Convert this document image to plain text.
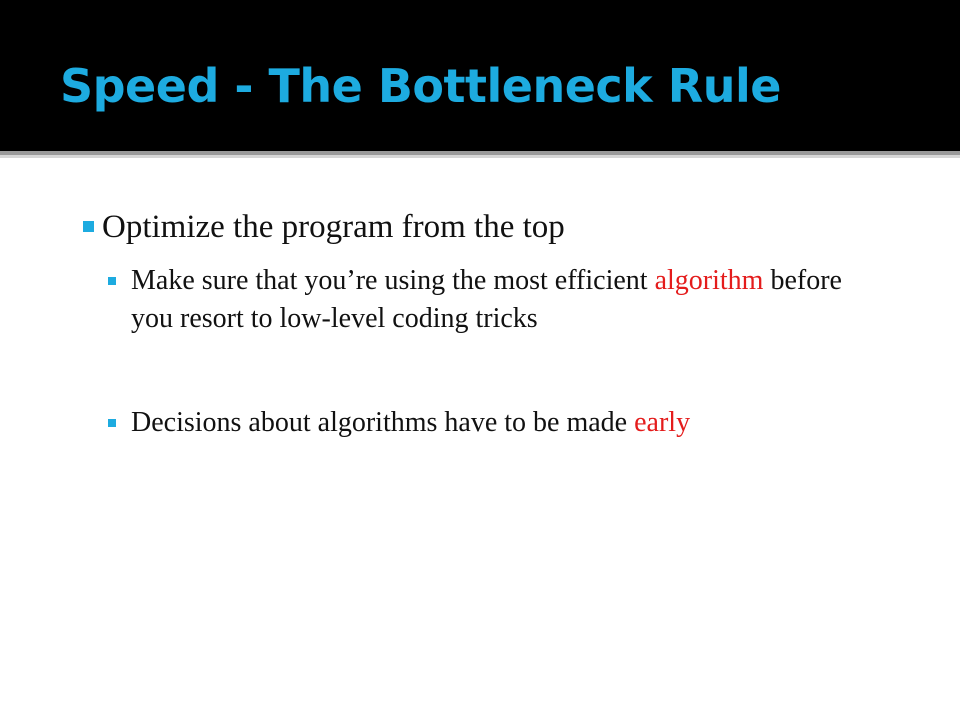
Speed - The Bottleneck Rule
Optimize the program from the top
Make sure that you’re using the most efficient algorithm before you resort to low-level coding tricks
Decisions about algorithms have to be made early
